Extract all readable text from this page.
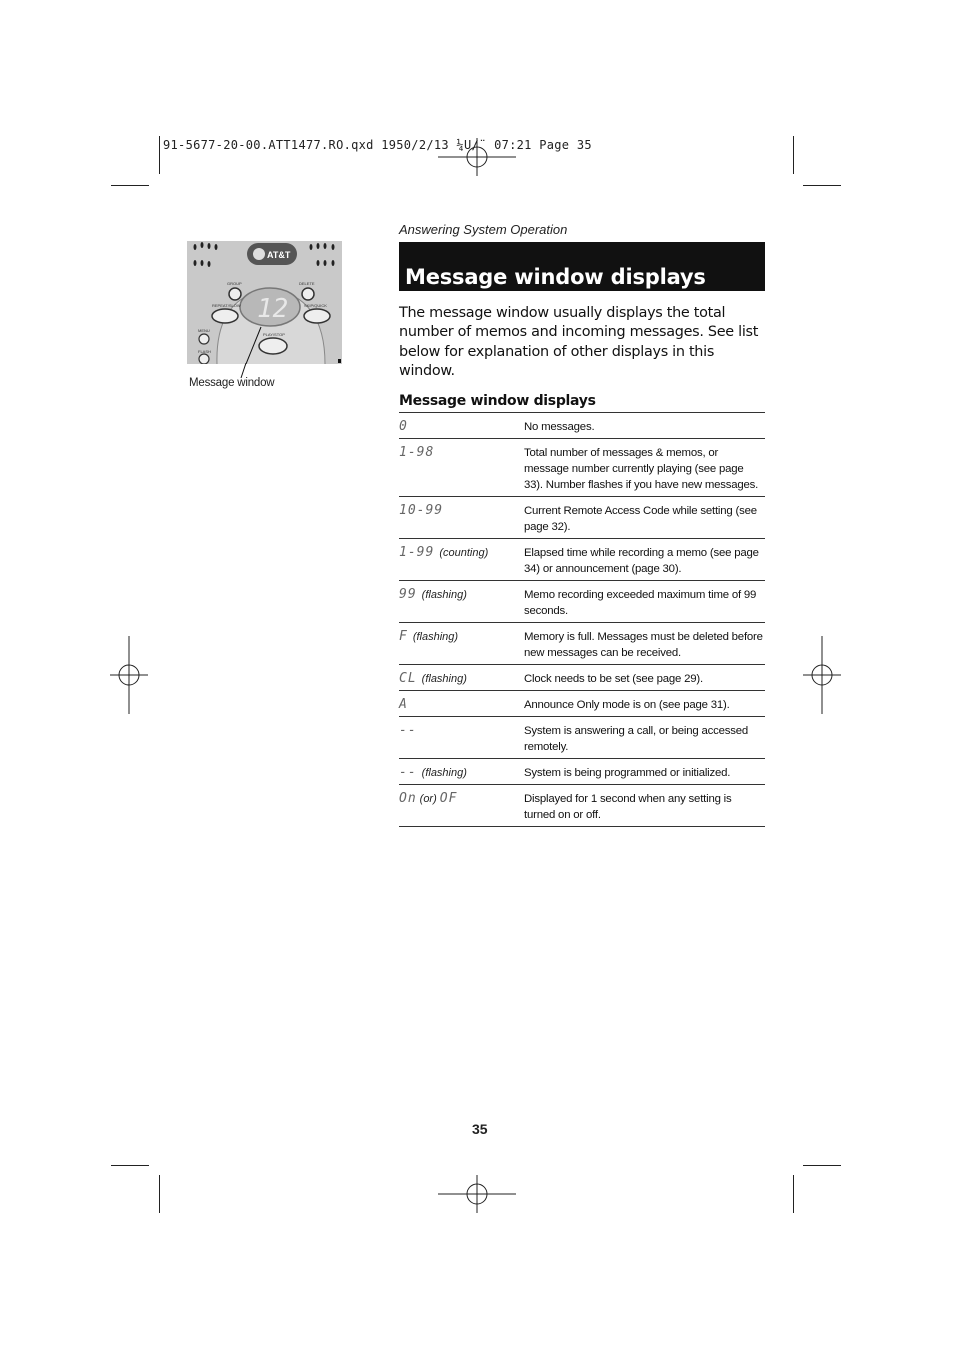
91-5677-20-00.ATT1477.RO.qxd 1950/2/13 ¼U/¨ 07:21 Page 35
AT&T
12
GROUP	DELETE
REPEAT/SLOW	SKIP/QUICK
MENU
FLASH
PLAY/STOP
Message window
Answering System Operation
Message window displays
The message window usually displays the total number of memos and incoming messages. See list below for explanation of other displays in this window.
Message window displays
0	No messages.
1-98	Total number of messages & memos, or message number currently playing (see page 33). Number flashes if you have new messages.
10-99	Current Remote Access Code while setting (see page 32).
1-99 (counting)	Elapsed time while recording a memo (see page 34) or announcement (page 30).
99 (flashing)	Memo recording exceeded maximum time of 99 seconds.
F (flashing)	Memory is full. Messages must be deleted before new messages can be received.
CL (flashing)	Clock needs to be set (see page 29).
A	Announce Only mode is on (see page 31).
--	System is answering a call, or being accessed remotely.
-- (flashing)	System is being programmed or initialized.
On (or) OF	Displayed for 1 second when any setting is turned on or off.
35
